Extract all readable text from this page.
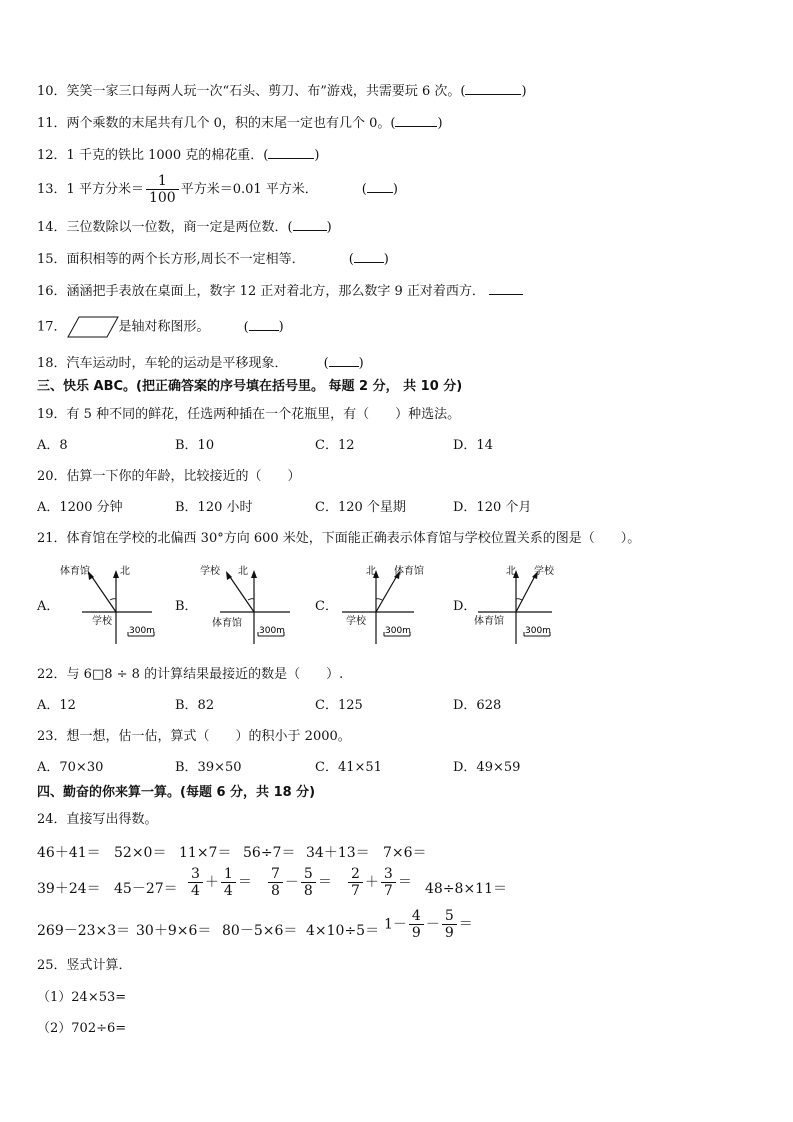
10．笑笑一家三口每两人玩一次“石头、剪刀、布”游戏，共需要玩 6 次。(	)
11．两个乘数的末尾共有几个 0，积的末尾一定也有几个 0。(	)
12．1 千克的铁比 1000 克的棉花重．(	)
13．1 平方分米＝ $\frac{1}{100}$ 平方米＝0.01 平方米．	( )
14．三位数除以一位数，商一定是两位数．(	)
15．面积相等的两个长方形,周长不一定相等．	( )
16．涵涵把手表放在桌面上，数字 12 正对着北方，那么数字 9 正对着西方．
17．	是轴对称图形。	( )
18．汽车运动时，车轮的运动是平移现象．	( )
三、快乐 ABC。(把正确答案的序号填在括号里。 每题 2 分， 共 10 分)
19．有 5 种不同的鲜花，任选两种插在一个花瓶里，有（　　）种选法。
A．8	B．10	C．12	D．14
20．估算一下你的年龄，比较接近的（　　）
A．1200 分钟	B．120 小时	C．120 个星期	D．120 个月
21．体育馆在学校的北偏西 30°方向 600 米处，下面能正确表示体育馆与学校位置关系的图是（　　）。
A．	B．	C．	D．
北
体育馆
学校
300m
北
学校
体育馆
300m
北 体育馆
学校
300m
北 学校
体育馆
300m
22．与 6□8 ÷ 8 的计算结果最接近的数是（　　）.
A．12	B．82	C．125	D．628
23．想一想，估一估，算式（　　）的积小于 2000。
A．70×30	B．39×50	C．41×51	D．49×59
四、勤奋的你来算一算。(每题 6 分，共 18 分)
24．直接写出得数。
46＋41＝ 52×0＝ 11×7＝ 56÷7＝ 34＋13＝ 7×6＝
$39+24= 45-27= \frac{3}{4} + \frac{1}{4} = \frac{7}{8} - \frac{5}{8} = \frac{2}{7} + \frac{3}{7} = 48\div 8\times 11=$
$269-23\times 3= 30+9\times 6= 80-5\times 6= 4\times 10\div 5= 1- \frac{4}{9} - \frac{5}{9}$ ＝
25．竖式计算．
（1）24×53=
（2）702÷6=
